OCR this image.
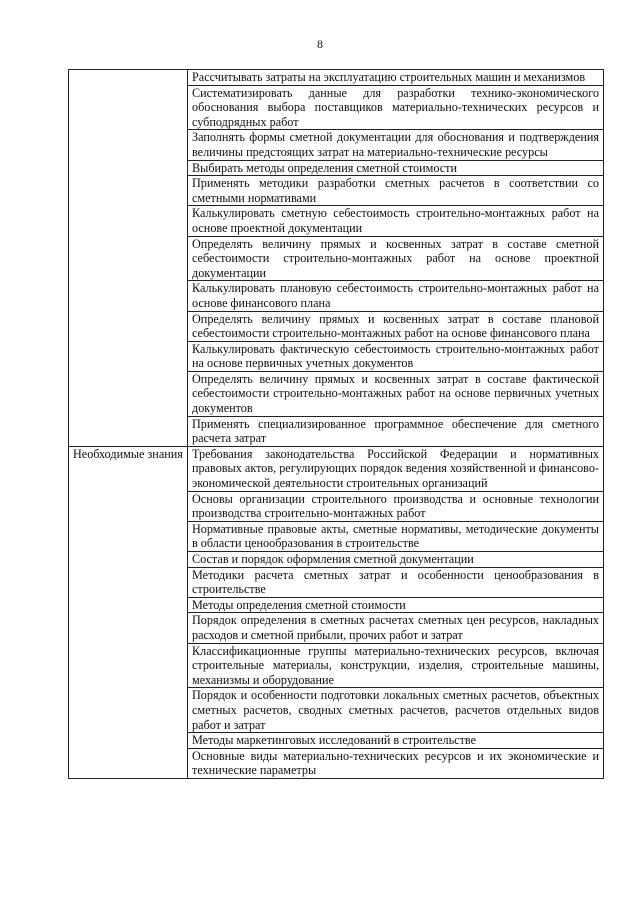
8
	Рассчитывать затраты на эксплуатацию строительных машин и механизмов
	Систематизировать данные для разработки технико-экономического обоснования выбора поставщиков материально-технических ресурсов и субподрядных работ
	Заполнять формы сметной документации для обоснования и подтверждения величины предстоящих затрат на материально-технические ресурсы
	Выбирать методы определения сметной стоимости
	Применять методики разработки сметных расчетов в соответствии со сметными нормативами
	Калькулировать сметную себестоимость строительно-монтажных работ на основе проектной документации
	Определять величину прямых и косвенных затрат в составе сметной себестоимости строительно-монтажных работ на основе проектной документации
	Калькулировать плановую себестоимость строительно-монтажных работ на основе финансового плана
	Определять величину прямых и косвенных затрат в составе плановой себестоимости строительно-монтажных работ на основе финансового плана
	Калькулировать фактическую себестоимость строительно-монтажных работ на основе первичных учетных документов
	Определять величину прямых и косвенных затрат в составе фактической себестоимости строительно-монтажных работ на основе первичных учетных документов
	Применять специализированное программное обеспечение для сметного расчета затрат
Необходимые знания	Требования законодательства Российской Федерации и нормативных правовых актов, регулирующих порядок ведения хозяйственной и финансово-экономической деятельности строительных организаций
	Основы организации строительного производства и основные технологии производства строительно-монтажных работ
	Нормативные правовые акты, сметные нормативы, методические документы в области ценообразования в строительстве
	Состав и порядок оформления сметной документации
	Методики расчета сметных затрат и особенности ценообразования в строительстве
	Методы определения сметной стоимости
	Порядок определения в сметных расчетах сметных цен ресурсов, накладных расходов и сметной прибыли, прочих работ и затрат
	Классификационные группы материально-технических ресурсов, включая строительные материалы, конструкции, изделия, строительные машины, механизмы и оборудование
	Порядок и особенности подготовки локальных сметных расчетов, объектных сметных расчетов, сводных сметных расчетов, расчетов отдельных видов работ и затрат
	Методы маркетинговых исследований в строительстве
	Основные виды материально-технических ресурсов и их экономические и технические параметры
